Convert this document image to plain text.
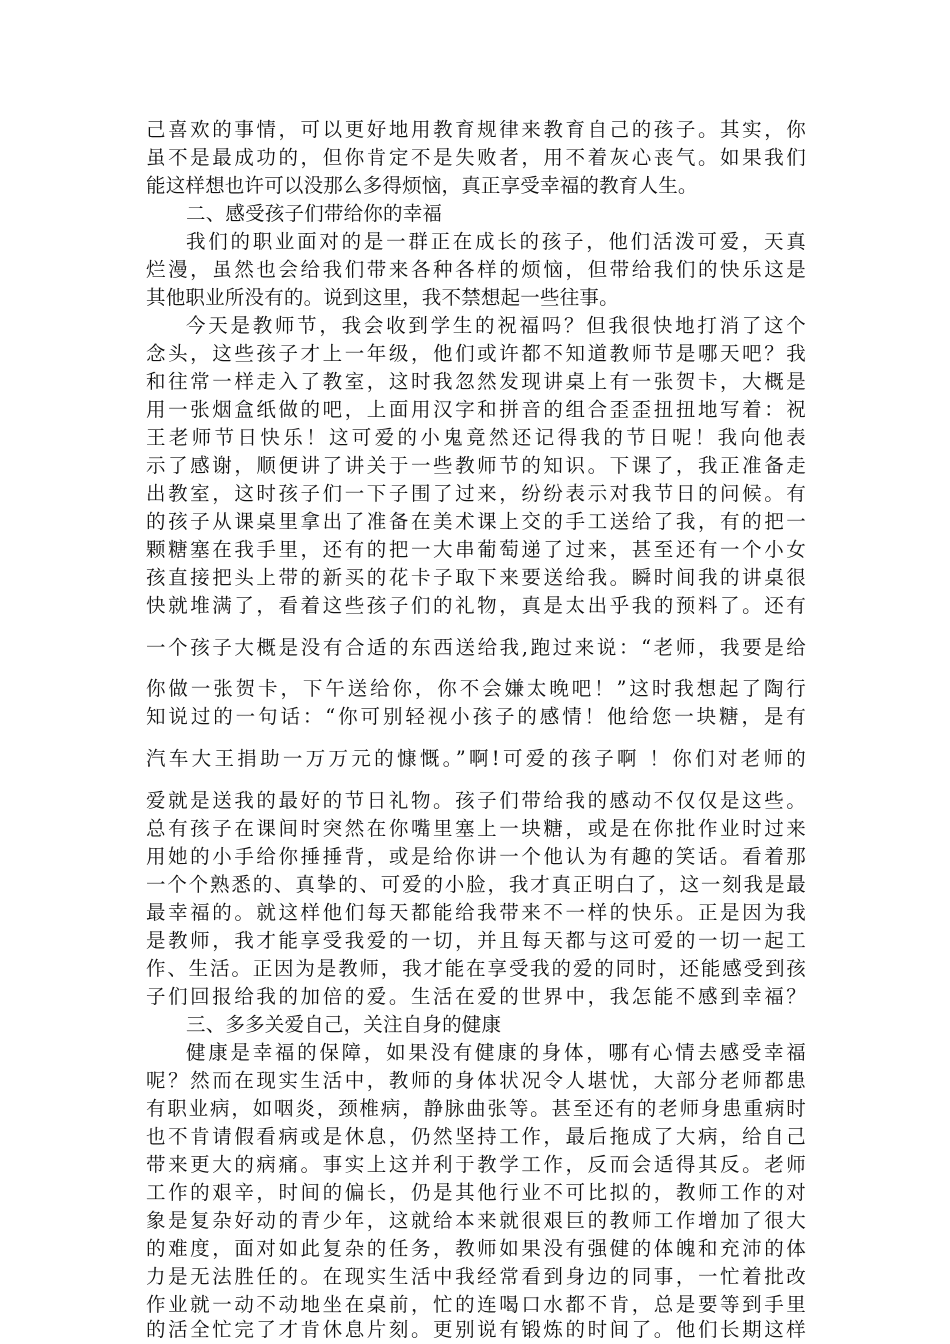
己喜欢的事情，可以更好地用教育规律来教育自己的孩子。其实，你
虽不是最成功的，但你肯定不是失败者，用不着灰心丧气。如果我们
能这样想也许可以没那么多得烦恼，真正享受幸福的教育人生。
二、感受孩子们带给你的幸福
我们的职业面对的是一群正在成长的孩子，他们活泼可爱，天真
烂漫，虽然也会给我们带来各种各样的烦恼，但带给我们的快乐这是
其他职业所没有的。说到这里，我不禁想起一些往事。
今天是教师节，我会收到学生的祝福吗？但我很快地打消了这个
念头，这些孩子才上一年级，他们或许都不知道教师节是哪天吧？我
和往常一样走入了教室，这时我忽然发现讲桌上有一张贺卡，大概是
用一张烟盒纸做的吧，上面用汉字和拼音的组合歪歪扭扭地写着：祝
王老师节日快乐！这可爱的小鬼竟然还记得我的节日呢！我向他表
示了感谢，顺便讲了讲关于一些教师节的知识。下课了，我正准备走
出教室，这时孩子们一下子围了过来，纷纷表示对我节日的问候。有
的孩子从课桌里拿出了准备在美术课上交的手工送给了我，有的把一
颗糖塞在我手里，还有的把一大串葡萄递了过来，甚至还有一个小女
孩直接把头上带的新买的花卡子取下来要送给我。瞬时间我的讲桌很
快就堆满了，看着这些孩子们的礼物，真是太出乎我的预料了。还有
一个孩子大概是没有合适的东西送给我,跑过来说：“老师，我要是给
你做一张贺卡，下午送给你，你不会嫌太晚吧！”这时我想起了陶行
知说过的一句话：“你可别轻视小孩子的感情！他给您一块糖，是有
汽车大王捐助一万万元的慷慨。”啊!可爱的孩子啊 ！你们对老师的
爱就是送我的最好的节日礼物。孩子们带给我的感动不仅仅是这些。
总有孩子在课间时突然在你嘴里塞上一块糖，或是在你批作业时过来
用她的小手给你捶捶背，或是给你讲一个他认为有趣的笑话。看着那
一个个熟悉的、真挚的、可爱的小脸，我才真正明白了，这一刻我是最
最幸福的。就这样他们每天都能给我带来不一样的快乐。正是因为我
是教师，我才能享受我爱的一切，并且每天都与这可爱的一切一起工
作、生活。正因为是教师，我才能在享受我的爱的同时，还能感受到孩
子们回报给我的加倍的爱。生活在爱的世界中，我怎能不感到幸福？
三、多多关爱自己，关注自身的健康
健康是幸福的保障，如果没有健康的身体，哪有心情去感受幸福
呢？然而在现实生活中，教师的身体状况令人堪忧，大部分老师都患
有职业病，如咽炎，颈椎病，静脉曲张等。甚至还有的老师身患重病时
也不肯请假看病或是休息，仍然坚持工作，最后拖成了大病，给自己
带来更大的病痛。事实上这并利于教学工作，反而会适得其反。老师
工作的艰辛，时间的偏长，仍是其他行业不可比拟的，教师工作的对
象是复杂好动的青少年，这就给本来就很艰巨的教师工作增加了很大
的难度，面对如此复杂的任务，教师如果没有强健的体魄和充沛的体
力是无法胜任的。在现实生活中我经常看到身边的同事，一忙着批改
作业就一动不动地坐在桌前，忙的连喝口水都不肯，总是要等到手里
的活全忙完了才肯休息片刻。更别说有锻炼的时间了。他们长期这样
